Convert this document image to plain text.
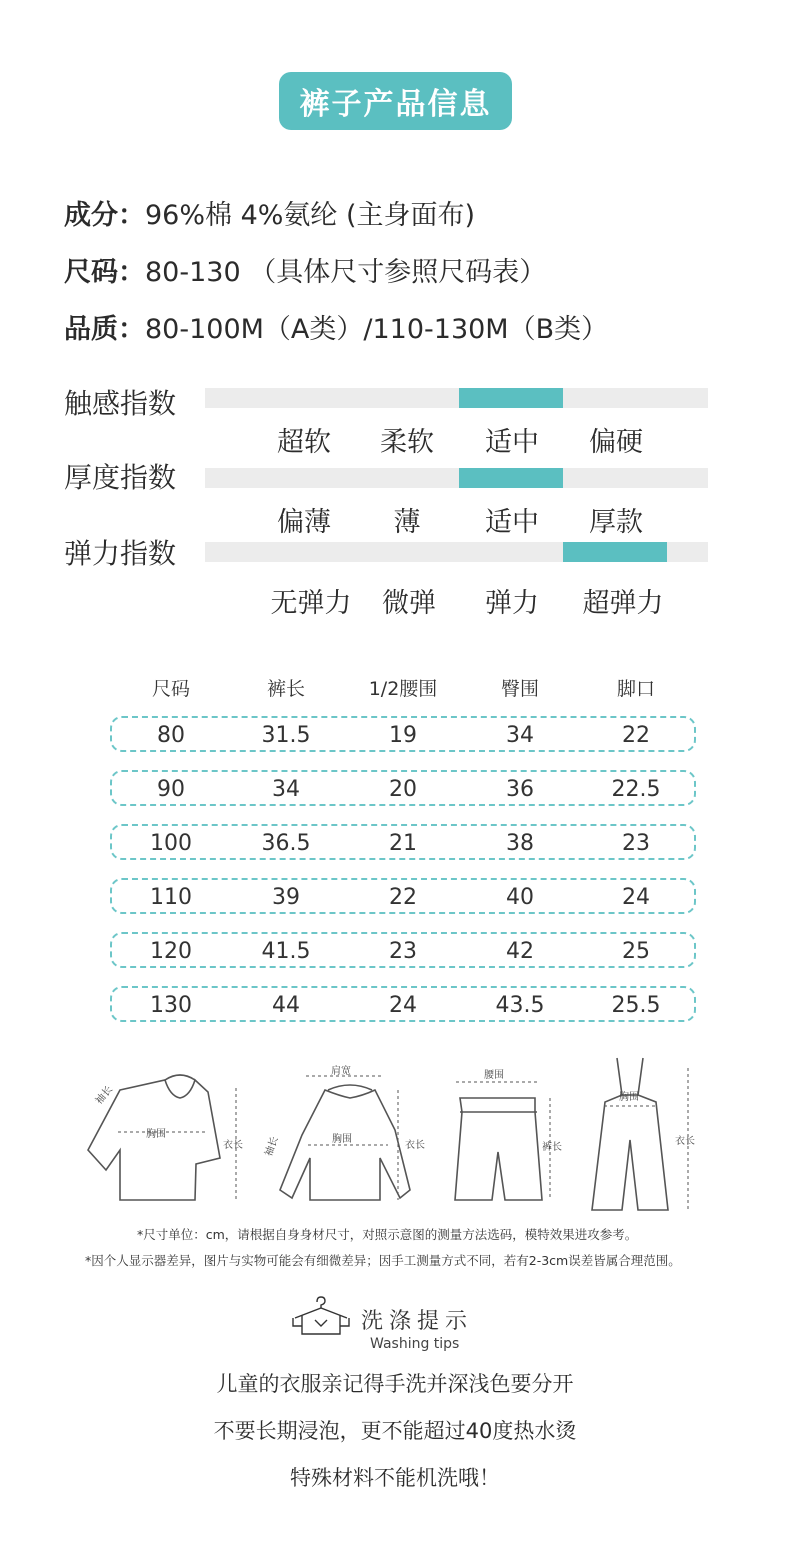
裤子产品信息
成分：96%棉 4%氨纶 (主身面布)
尺码：80-130 （具体尺寸参照尺码表）
品质：80-100M（A类）/110-130M（B类）
触感指数
超软	柔软	适中	偏硬
厚度指数
偏薄	薄	适中	厚款
弹力指数
无弹力	微弹	弹力	超弹力
尺码	裤长	1/2腰围	臀围	脚口
80	31.5	19	34	22
90	34	20	36	22.5
100	36.5	21	38	23
110	39	22	40	24
120	41.5	23	42	25
130	44	24	43.5	25.5
袖长
胸围
衣长
肩宽
袖长	胸围
衣长
腰围
裤长
胸围
衣长
*尺寸单位：cm，请根据自身身材尺寸，对照示意图的测量方法选码，模特效果进攻参考。
*因个人显示器差异，图片与实物可能会有细微差异；因手工测量方式不同，若有2-3cm误差皆属合理范围。
洗涤提示
Washing tips
儿童的衣服亲记得手洗并深浅色要分开
不要长期浸泡，更不能超过40度热水烫
特殊材料不能机洗哦！
